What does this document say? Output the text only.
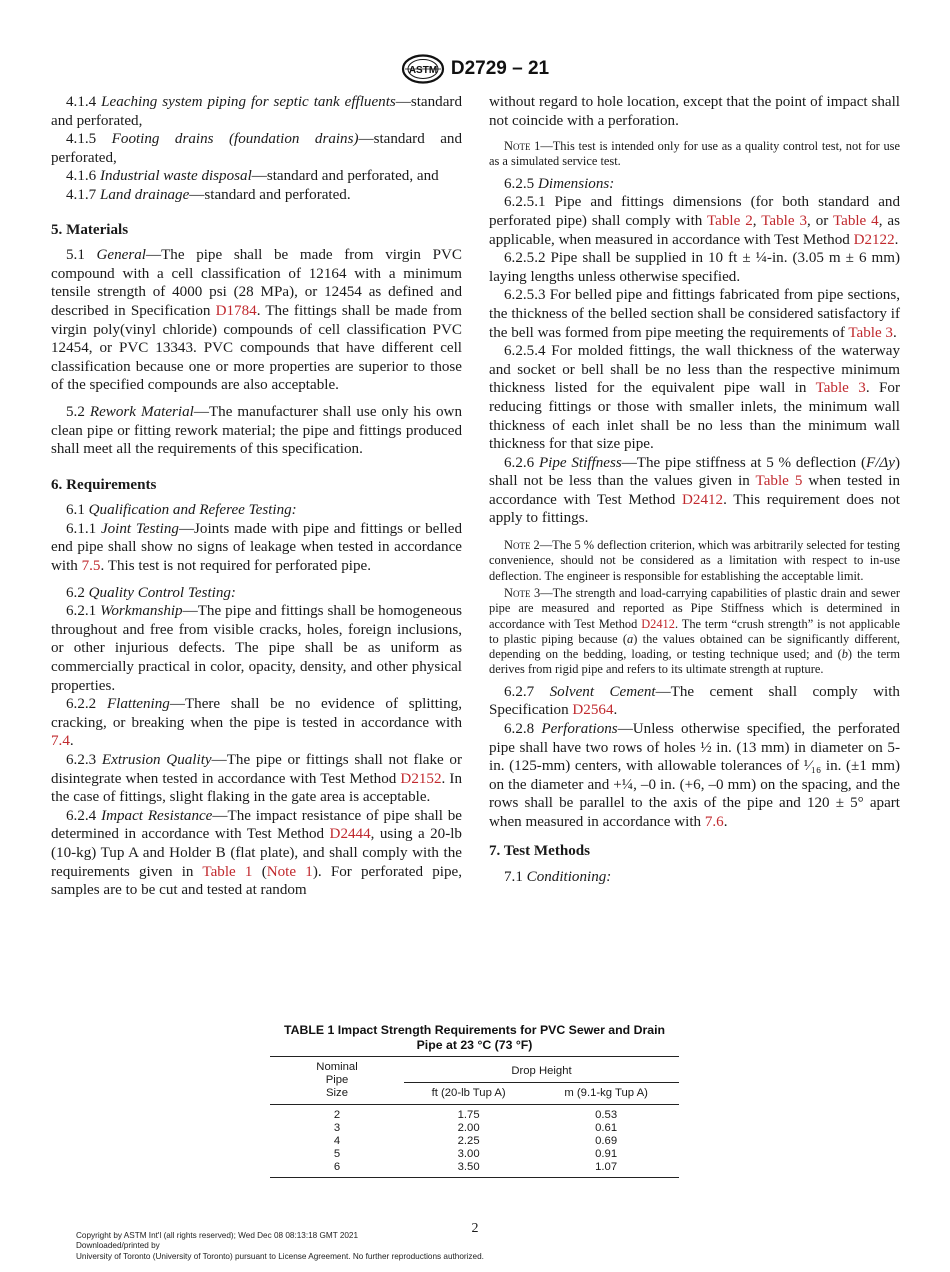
ASTM D2729 – 21

4.1.4 Leaching system piping for septic tank effluents—standard and perforated,

4.1.5 Footing drains (foundation drains)—standard and perforated,

4.1.6 Industrial waste disposal—standard and perforated, and

4.1.7 Land drainage—standard and perforated.

5. Materials

5.1 General—The pipe shall be made from virgin PVC compound with a cell classification of 12164 with a minimum tensile strength of 4000 psi (28 MPa), or 12454 as defined and described in Specification D1784. The fittings shall be made from virgin poly(vinyl chloride) compounds of cell classification PVC 12454, or PVC 13343. PVC compounds that have different cell classification because one or more properties are superior to those of the specified compounds are also acceptable.

5.2 Rework Material—The manufacturer shall use only his own clean pipe or fitting rework material; the pipe and fittings produced shall meet all the requirements of this specification.

6. Requirements

6.1 Qualification and Referee Testing:

6.1.1 Joint Testing—Joints made with pipe and fittings or belled end pipe shall show no signs of leakage when tested in accordance with 7.5. This test is not required for perforated pipe.

6.2 Quality Control Testing:

6.2.1 Workmanship—The pipe and fittings shall be homogeneous throughout and free from visible cracks, holes, foreign inclusions, or other injurious defects. The pipe shall be as uniform as commercially practical in color, opacity, density, and other physical properties.

6.2.2 Flattening—There shall be no evidence of splitting, cracking, or breaking when the pipe is tested in accordance with 7.4.

6.2.3 Extrusion Quality—The pipe or fittings shall not flake or disintegrate when tested in accordance with Test Method D2152. In the case of fittings, slight flaking in the gate area is acceptable.

6.2.4 Impact Resistance—The impact resistance of pipe shall be determined in accordance with Test Method D2444, using a 20-lb (10-kg) Tup A and Holder B (flat plate), and shall comply with the requirements given in Table 1 (Note 1). For perforated pipe, samples are to be cut and tested at random

without regard to hole location, except that the point of impact shall not coincide with a perforation.

Note 1—This test is intended only for use as a quality control test, not for use as a simulated service test.

6.2.5 Dimensions:

6.2.5.1 Pipe and fittings dimensions (for both standard and perforated pipe) shall comply with Table 2, Table 3, or Table 4, as applicable, when measured in accordance with Test Method D2122.

6.2.5.2 Pipe shall be supplied in 10 ft ± ¼-in. (3.05 m ± 6 mm) laying lengths unless otherwise specified.

6.2.5.3 For belled pipe and fittings fabricated from pipe sections, the thickness of the belled section shall be considered satisfactory if the bell was formed from pipe meeting the requirements of Table 3.

6.2.5.4 For molded fittings, the wall thickness of the waterway and socket or bell shall be no less than the respective minimum thickness listed for the equivalent pipe wall in Table 3. For reducing fittings or those with smaller inlets, the minimum wall thickness of each inlet shall be no less than the minimum wall thickness for that size pipe.

6.2.6 Pipe Stiffness—The pipe stiffness at 5 % deflection (F/Δy) shall not be less than the values given in Table 5 when tested in accordance with Test Method D2412. This requirement does not apply to fittings.

Note 2—The 5 % deflection criterion, which was arbitrarily selected for testing convenience, should not be considered as a limitation with respect to in-use deflection. The engineer is responsible for establishing the acceptable limit.

Note 3—The strength and load-carrying capabilities of plastic drain and sewer pipe are measured and reported as Pipe Stiffness which is determined in accordance with Test Method D2412. The term “crush strength” is not applicable to plastic piping because (a) the values obtained can be significantly different, depending on the bedding, loading, or testing technique used; and (b) the term derives from rigid pipe and refers to its ultimate strength at rupture.

6.2.7 Solvent Cement—The cement shall comply with Specification D2564.

6.2.8 Perforations—Unless otherwise specified, the perforated pipe shall have two rows of holes ½ in. (13 mm) in diameter on 5-in. (125-mm) centers, with allowable tolerances of ¹⁄₁₆ in. (±1 mm) on the diameter and +¼, –0 in. (+6, –0 mm) on the spacing, and the rows shall be parallel to the axis of the pipe and 120 ± 5° apart when measured in accordance with 7.6.

7. Test Methods

7.1 Conditioning:

TABLE 1 Impact Strength Requirements for PVC Sewer and Drain
Pipe at 23 °C (73 °F)
Nominal
Pipe
Size	Drop Height	
	ft (20-lb Tup A)	m (9.1-kg Tup A)
2	1.75	0.53
3	2.00	0.61
4	2.25	0.69
5	3.00	0.91
6	3.50	1.07
2
Copyright by ASTM Int'l (all rights reserved); Wed Dec 08 08:13:18 GMT 2021
Downloaded/printed by
University of Toronto (University of Toronto) pursuant to License Agreement. No further reproductions authorized.
